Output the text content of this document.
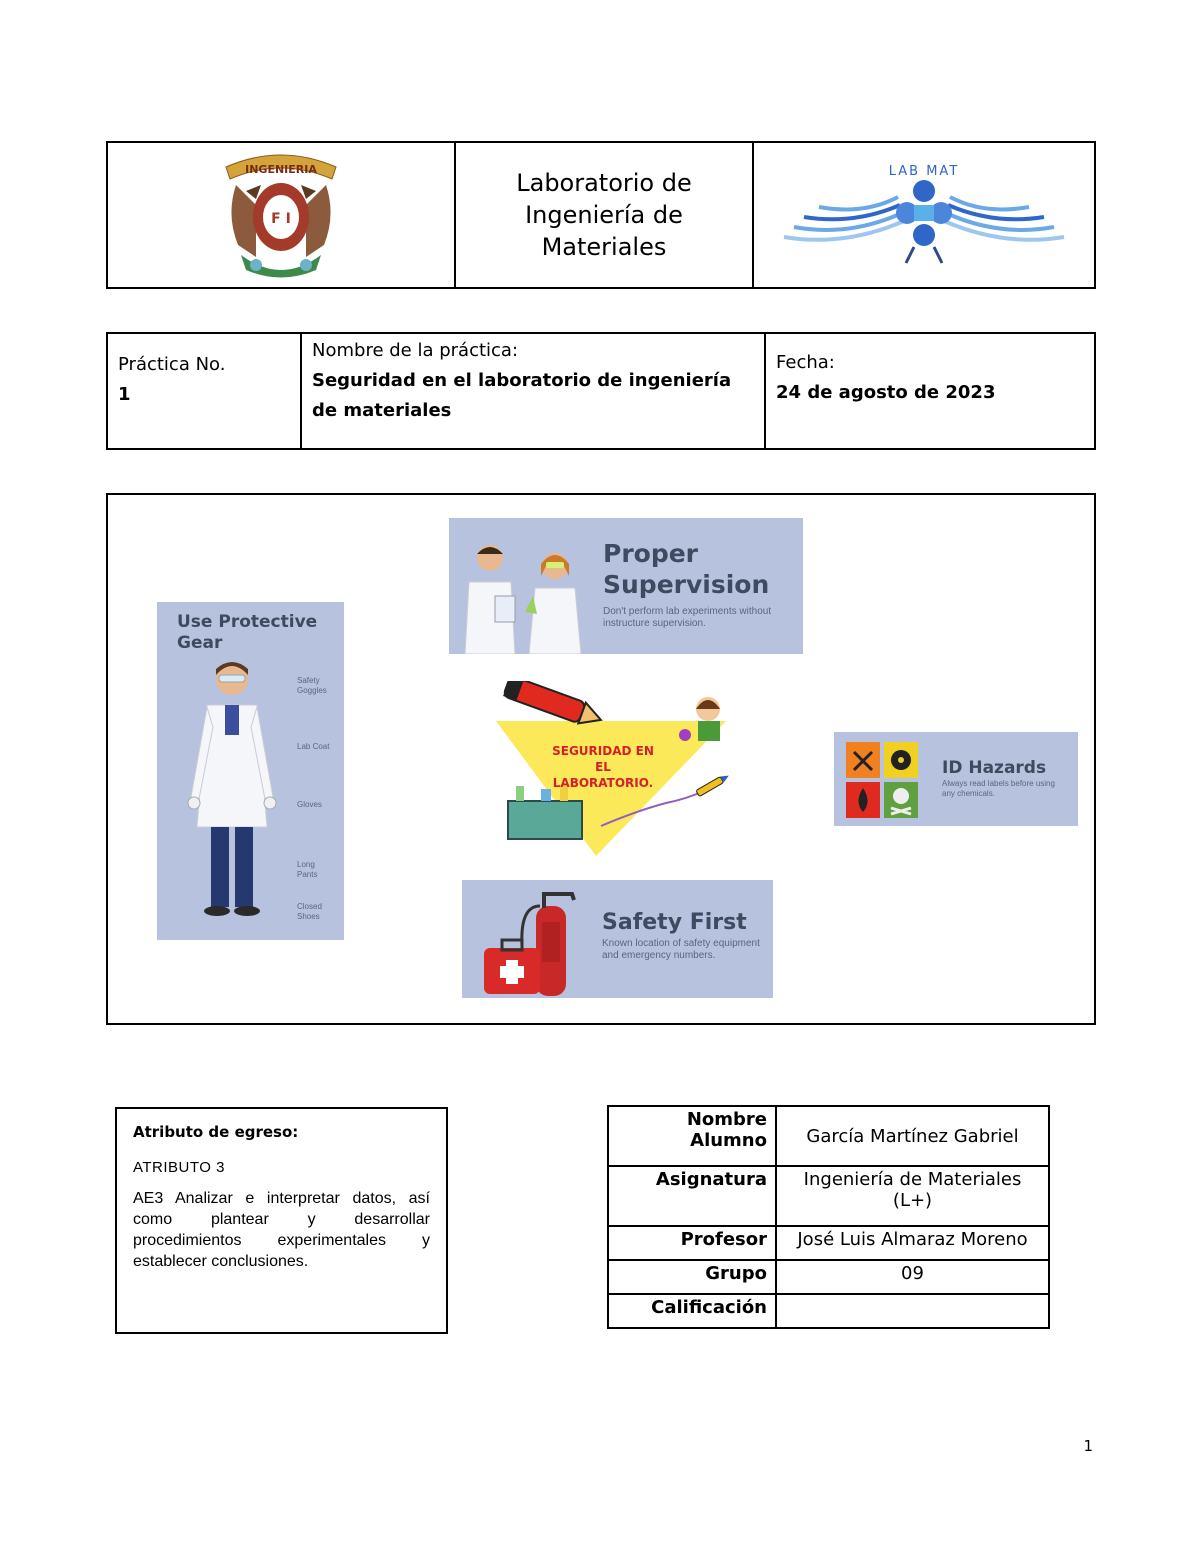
INGENIERIA
F I
Laboratorio de
Ingeniería de
Materiales
LAB MAT
Práctica No.
1
Nombre de la práctica:
Seguridad en el laboratorio de ingeniería de materiales
Fecha:
24 de agosto de 2023
Use Protective Gear
Safety Goggles
Lab Coat
Gloves
Long Pants
Closed Shoes
Proper Supervision
Don't perform lab experiments without instructure supervision.
SEGURIDAD EN EL LABORATORIO.
ID Hazards
Always read labels before using any chemicals.
Safety First
Known location of safety equipment and emergency numbers.
Atributo de egreso:
ATRIBUTO 3
AE3 Analizar e interpretar datos, así como plantear y desarrollar procedimientos experimentales y establecer conclusiones.
Nombre Alumno	García Martínez Gabriel
Asignatura	Ingeniería de Materiales (L+)
Profesor	José Luis Almaraz Moreno
Grupo	09
Calificación	
1
